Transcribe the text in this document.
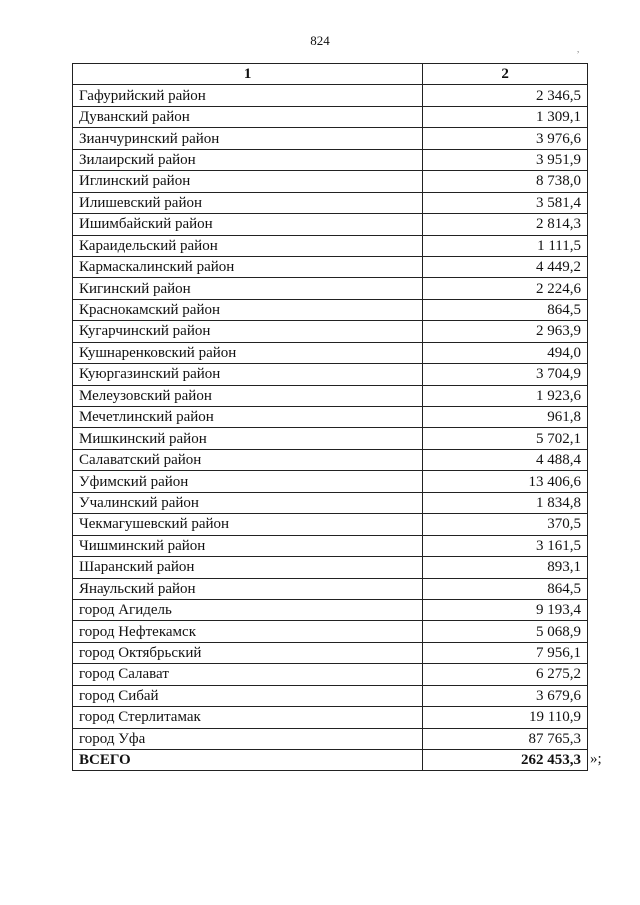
824
,
1	2
Гафурийский район	2 346,5
Дуванский район	1 309,1
Зианчуринский район	3 976,6
Зилаирский район	3 951,9
Иглинский район	8 738,0
Илишевский район	3 581,4
Ишимбайский район	2 814,3
Караидельский район	1 111,5
Кармаскалинский район	4 449,2
Кигинский район	2 224,6
Краснокамский район	864,5
Кугарчинский район	2 963,9
Кушнаренковский район	494,0
Куюргазинский район	3 704,9
Мелеузовский район	1 923,6
Мечетлинский район	961,8
Мишкинский район	5 702,1
Салаватский район	4 488,4
Уфимский район	13 406,6
Учалинский район	1 834,8
Чекмагушевский район	370,5
Чишминский район	3 161,5
Шаранский район	893,1
Янаульский район	864,5
город Агидель	9 193,4
город Нефтекамск	5 068,9
город Октябрьский	7 956,1
город Салават	6 275,2
город Сибай	3 679,6
город Стерлитамак	19 110,9
город Уфа	87 765,3
ВСЕГО	262 453,3 »;
